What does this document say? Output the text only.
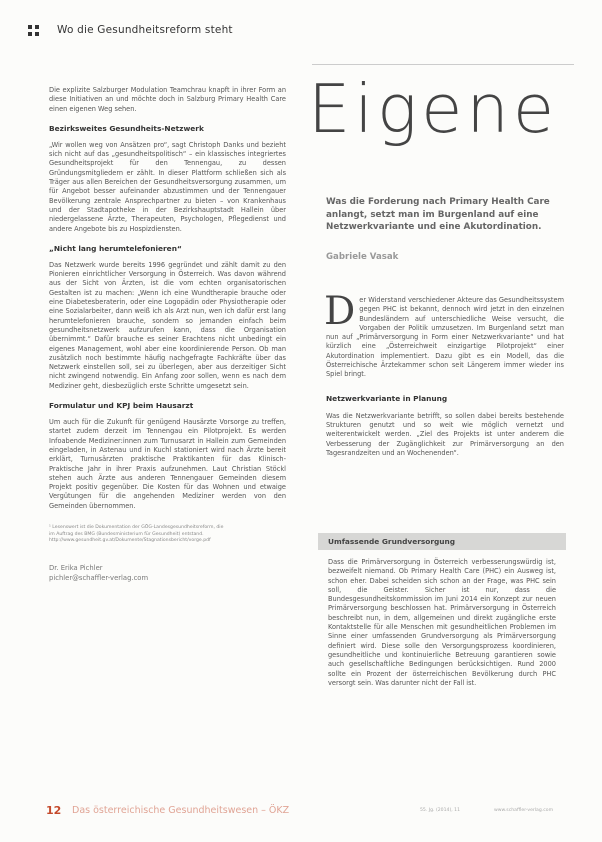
Wo die Gesundheitsreform steht

Die explizite Salzburger Modulation Teamchrau knapft in ihrer Form an diese Initiativen an und möchte doch in Salzburg Primary Health Care einen eigenen Weg sehen.

Bezirksweites Gesundheits-Netzwerk

„Wir wollen weg von Ansätzen pro“, sagt Christoph Danks und bezieht sich nicht auf das „gesundheitspolitisch“ – ein klassisches integriertes Gesundheitsprojekt für den Tennengau, zu dessen Gründungsmitgliedern er zählt. In dieser Plattform schließen sich als Träger aus allen Bereichen der Gesundheitsversorgung zusammen, um für Angebot besser aufeinander abzustimmen und der Tennengauer Bevölkerung zentrale Ansprechpartner zu bieten – von Krankenhaus und der Stadtapotheke in der Bezirkshauptstadt Hallein über niedergelassene Ärzte, Therapeuten, Psychologen, Pflegedienst und andere Angebote bis zu Hospizdiensten.

„Nicht lang herumtelefonieren“

Das Netzwerk wurde bereits 1996 gegründet und zählt damit zu den Pionieren einrichtlicher Versorgung in Österreich. Was davon während aus der Sicht von Ärzten, ist die vom echten organisatorischen Gestalten ist zu machen: „Wenn ich eine Wundtherapie brauche oder eine Diabetesberaterin, oder eine Logopädin oder Physiotherapie oder eine Sozialarbeiter, dann weiß ich als Arzt nun, wen ich dafür erst lang herumtelefonieren brauche, sondern so jemanden einfach beim gesundheitsnetzwerk aufzurufen kann, dass die Organisation übernimmt.“ Dafür brauche es seiner Erachtens nicht unbedingt ein eigenes Management, wohl aber eine koordinierende Person. Ob man zusätzlich noch bestimmte häufig nachgefragte Fachkräfte über das Netzwerk einstellen soll, sei zu überlegen, aber aus derzeitiger Sicht nicht zwingend notwendig. Ein Anfang zoor sollen, wenn es nach dem Mediziner geht, diesbezüglich erste Schritte umgesetzt sein.

Formulatur und KPJ beim Hausarzt

Um auch für die Zukunft für genügend Hausärzte Vorsorge zu treffen, startet zudem derzeit im Tennengau ein Pilotprojekt. Es werden Infoabende Mediziner:innen zum Turnusarzt in Hallein zum Gemeinden eingeladen, in Astenau und in Kuchl stationiert wird nach Ärzte bereit erklärt, Turnusärzten praktische Praktikanten für das Klinisch-Praktische Jahr in ihrer Praxis aufzunehmen. Laut Christian Stöckl stehen auch Ärzte aus anderen Tennengauer Gemeinden diesem Projekt positiv gegenüber. Die Kosten für das Wohnen und etwaige Vergütungen für die angehenden Mediziner werden von den Gemeinden übernommen.

¹ Lesenswert ist die Dokumentation der GÖG-Landesgesundheitsreform, die

im Auftrag des BMG (Bundesministerium für Gesundheit) entstand.

http://www.gesundheit.gv.at/Dokumente/Stagnationsbericht/vorge.pdf

Dr. Erika Pichler

pichler@schaffler-verlag.com

Eigene
Was die Forderung nach Primary Health Care anlangt, setzt man im Burgenland auf eine Netzwerkvariante und eine Akutordination.
Gabriele Vasak

Der Widerstand verschiedener Akteure das Gesundheitssystem gegen PHC ist bekannt, dennoch wird jetzt in den einzelnen Bundesländern auf unterschiedliche Weise versucht, die Vorgaben der Politik umzusetzen. Im Burgenland setzt man nun auf „Primärversorgung in Form einer Netzwerkvariante“ und hat kürzlich eine „Österreichweit einzigartige Pilotprojekt“ einer Akutordination implementiert. Dazu gibt es ein Modell, das die Österreichische Ärztekammer schon seit Längerem immer wieder ins Spiel bringt.

Netzwerkvariante in Planung

Was die Netzwerkvariante betrifft, so sollen dabei bereits bestehende Strukturen genutzt und so weit wie möglich vernetzt und weiterentwickelt werden. „Ziel des Projekts ist unter anderem die Verbesserung der Zugänglichkeit zur Primärversorgung an den Tagesrandzeiten und an Wochenenden“.

Umfassende Grundversorgung

Dass die Primärversorgung in Österreich verbesserungswürdig ist, bezweifelt niemand. Ob Primary Health Care (PHC) ein Ausweg ist, schon eher. Dabei scheiden sich schon an der Frage, was PHC sein soll, die Geister. Sicher ist nur, dass die Bundesgesundheitskommission im Juni 2014 ein Konzept zur neuen Primärversorgung beschlossen hat. Primärversorgung in Österreich beschreibt nun, in dem, allgemeinen und direkt zugängliche erste Kontaktstelle für alle Menschen mit gesundheitlichen Problemen im Sinne einer umfassenden Grundversorgung als Primärversorgung definiert wird. Diese solle den Versorgungsprozess koordinieren, gesundheitliche und kontinuierliche Betreuung garantieren sowie auch gesellschaftliche Bedingungen berücksichtigen. Rund 2000 sollte ein Prozent der österreichischen Bevölkerung durch PHC versorgt sein. Was darunter nicht der Fall ist.

12 Das österreichische Gesundheitswesen – ÖKZ	55. Jg. (2014), 11	www.schaffler-verlag.com
